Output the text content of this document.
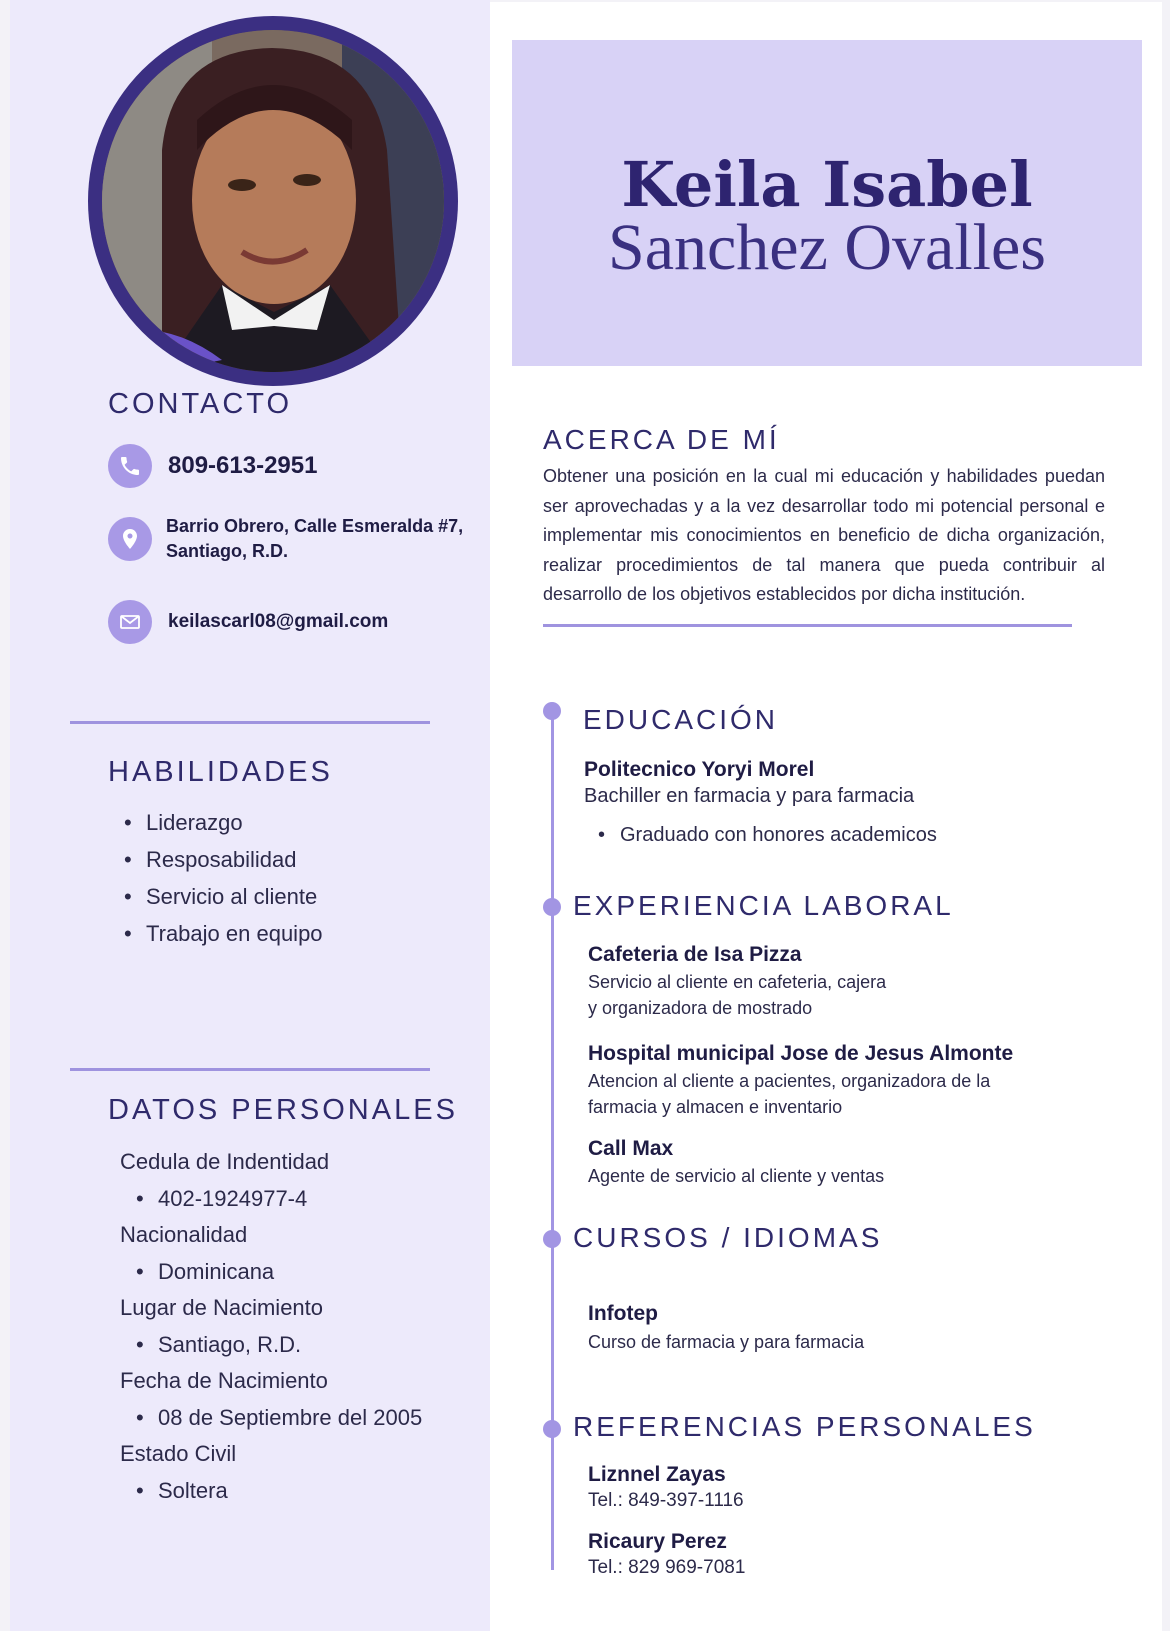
CONTACTO
809-613-2951
Barrio Obrero, Calle Esmeralda #7,
Santiago, R.D.
keilascarl08@gmail.com
HABILIDADES
• Liderazgo
• Resposabilidad
• Servicio al cliente
• Trabajo en equipo
DATOS PERSONALES
Cedula de Indentidad
• 402-1924977-4
Nacionalidad
• Dominicana
Lugar de Nacimiento
• Santiago, R.D.
Fecha de Nacimiento
• 08 de Septiembre del 2005
Estado Civil
• Soltera
Keila Isabel
Sanchez Ovalles
ACERCA DE MÍ
Obtener una posición en la cual mi educación y habilidades puedan ser aprovechadas y a la vez desarrollar todo mi potencial personal e implementar mis conocimientos en beneficio de dicha organización, realizar procedimientos de tal manera que pueda contribuir al desarrollo de los objetivos establecidos por dicha institución.
EDUCACIÓN
Politecnico Yoryi Morel
Bachiller en farmacia y para farmacia
• Graduado con honores academicos
EXPERIENCIA LABORAL
Cafeteria de Isa Pizza
Servicio al cliente en cafeteria, cajera
y organizadora de mostrado
Hospital municipal Jose de Jesus Almonte
Atencion al cliente a pacientes, organizadora de la
farmacia y almacen e inventario
Call Max
Agente de servicio al cliente y ventas
CURSOS / IDIOMAS
Infotep
Curso de farmacia y para farmacia
REFERENCIAS PERSONALES
Liznnel Zayas
Tel.: 849-397-1116
Ricaury Perez
Tel.: 829 969-7081
